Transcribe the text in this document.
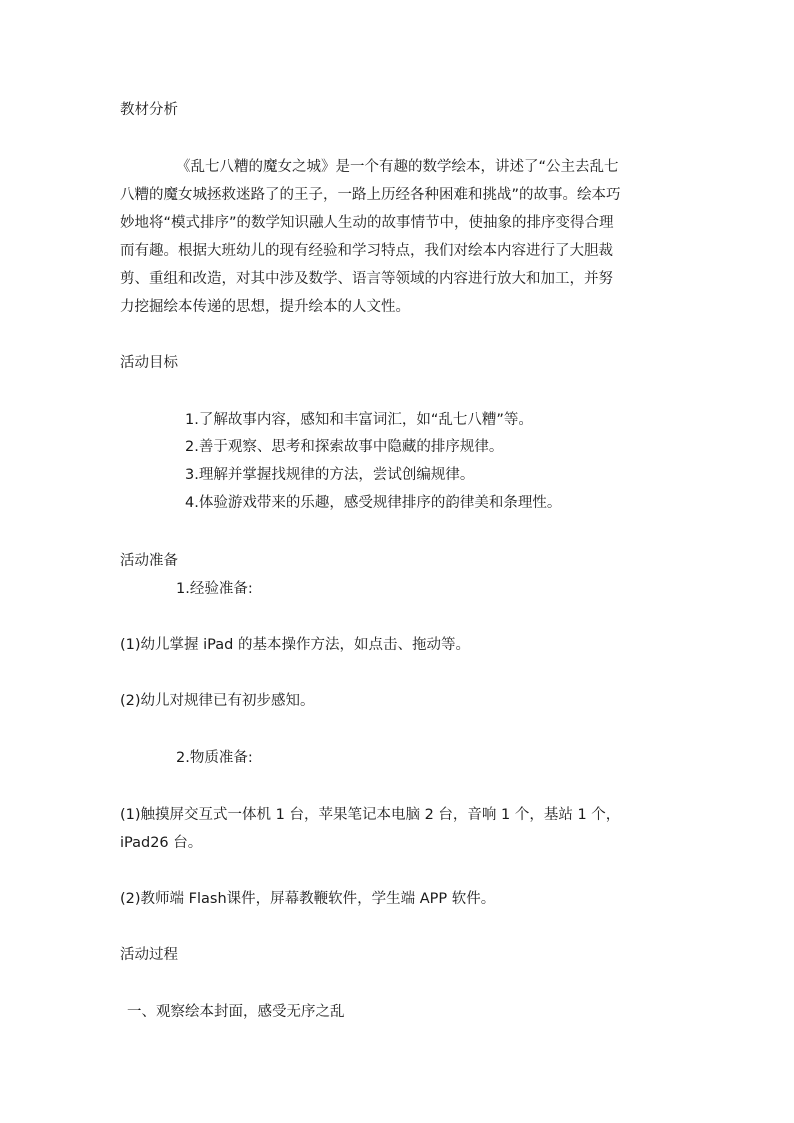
教材分析
《乱七八糟的魔女之城》是一个有趣的数学绘本，讲述了“公主去乱七
八糟的魔女城拯救迷路了的王子，一路上历经各种困难和挑战”的故事。绘本巧
妙地将“模式排序”的数学知识融人生动的故事情节中，使抽象的排序变得合理
而有趣。根据大班幼儿的现有经验和学习特点，我们对绘本内容进行了大胆裁
剪、重组和改造，对其中涉及数学、语言等领域的内容进行放大和加工，并努
力挖掘绘本传递的思想，提升绘本的人文性。
活动目标
1.了解故事内容，感知和丰富词汇，如“乱七八糟”等。
2.善于观察、思考和探索故事中隐藏的排序规律。
3.理解并掌握找规律的方法，尝试创编规律。
4.体验游戏带来的乐趣，感受规律排序的韵律美和条理性。
活动准备
1.经验准备:
(1)幼儿掌握 iPad 的基本操作方法，如点击、拖动等。
(2)幼儿对规律已有初步感知。
2.物质准备:
(1)触摸屏交互式一体机 1 台，苹果笔记本电脑 2 台，音响 1 个，基站 1 个，
iPad26 台。
(2)教师端 Flash课件，屏幕教鞭软件，学生端 APP 软件。
活动过程
一、观察绘本封面，感受无序之乱
